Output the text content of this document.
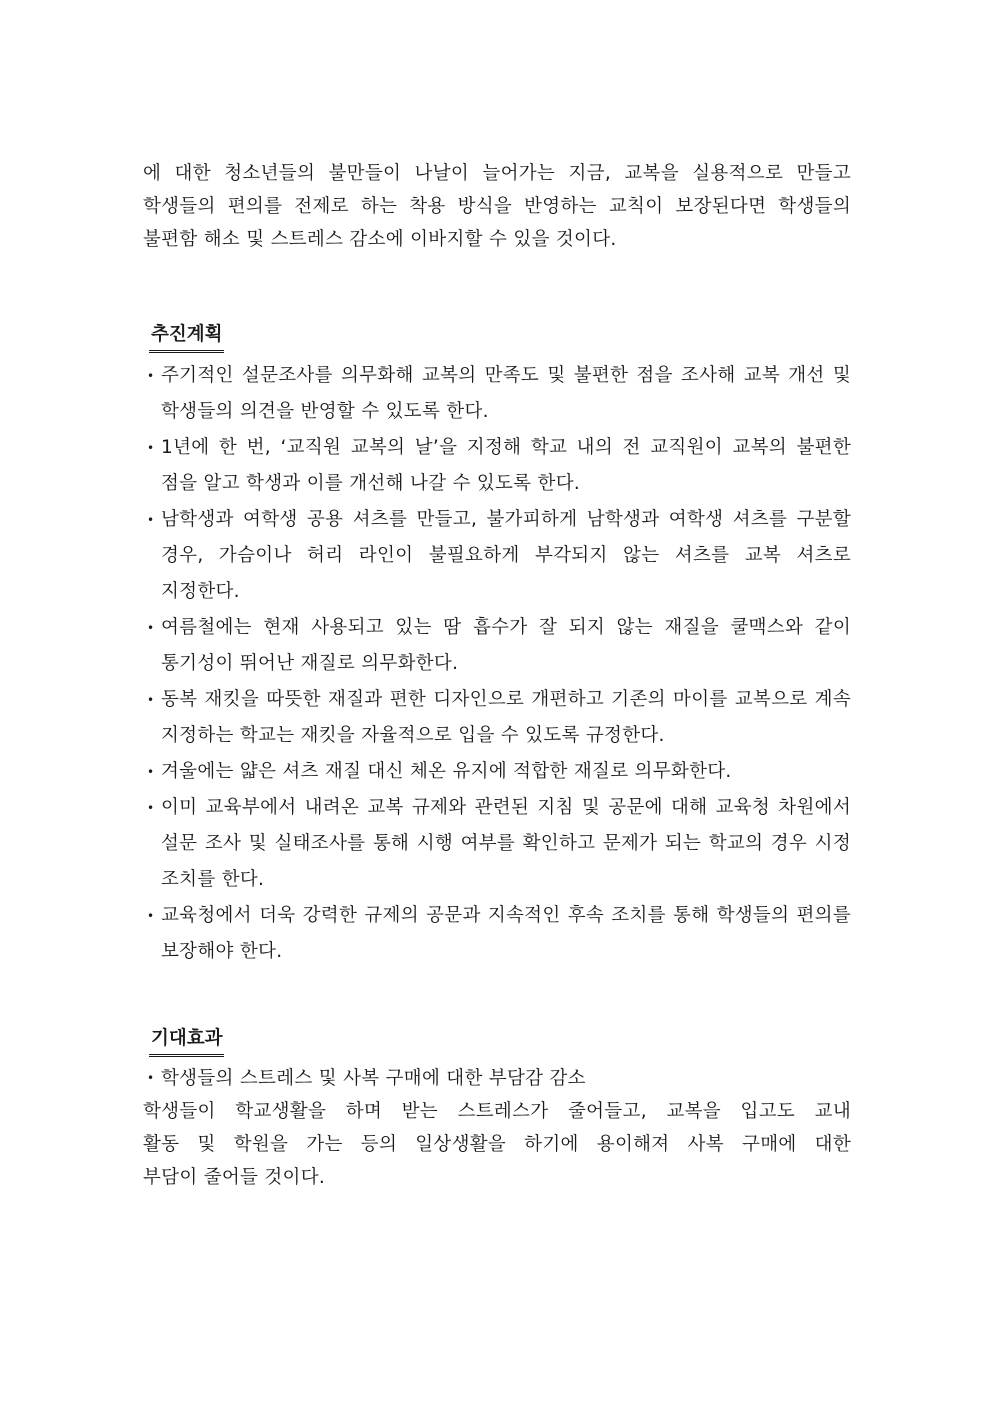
에 대한 청소년들의 불만들이 나날이 늘어가는 지금, 교복을 실용적으로 만들고 학생들의 편의를 전제로 하는 착용 방식을 반영하는 교칙이 보장된다면 학생들의 불편함 해소 및 스트레스 감소에 이바지할 수 있을 것이다.

추진계획
• 주기적인 설문조사를 의무화해 교복의 만족도 및 불편한 점을 조사해 교복 개선 및 학생들의 의견을 반영할 수 있도록 한다.
• 1년에 한 번, ‘교직원 교복의 날’을 지정해 학교 내의 전 교직원이 교복의 불편한 점을 알고 학생과 이를 개선해 나갈 수 있도록 한다.
• 남학생과 여학생 공용 셔츠를 만들고, 불가피하게 남학생과 여학생 셔츠를 구분할 경우, 가슴이나 허리 라인이 불필요하게 부각되지 않는 셔츠를 교복 셔츠로 지정한다.
• 여름철에는 현재 사용되고 있는 땀 흡수가 잘 되지 않는 재질을 쿨맥스와 같이 통기성이 뛰어난 재질로 의무화한다.
• 동복 재킷을 따뜻한 재질과 편한 디자인으로 개편하고 기존의 마이를 교복으로 계속 지정하는 학교는 재킷을 자율적으로 입을 수 있도록 규정한다.
• 겨울에는 얇은 셔츠 재질 대신 체온 유지에 적합한 재질로 의무화한다.
• 이미 교육부에서 내려온 교복 규제와 관련된 지침 및 공문에 대해 교육청 차원에서 설문 조사 및 실태조사를 통해 시행 여부를 확인하고 문제가 되는 학교의 경우 시정 조치를 한다.
• 교육청에서 더욱 강력한 규제의 공문과 지속적인 후속 조치를 통해 학생들의 편의를 보장해야 한다.
기대효과
• 학생들의 스트레스 및 사복 구매에 대한 부담감 감소
학생들이 학교생활을 하며 받는 스트레스가 줄어들고, 교복을 입고도 교내
활동 및 학원을 가는 등의 일상생활을 하기에 용이해져 사복 구매에 대한
부담이 줄어들 것이다.
